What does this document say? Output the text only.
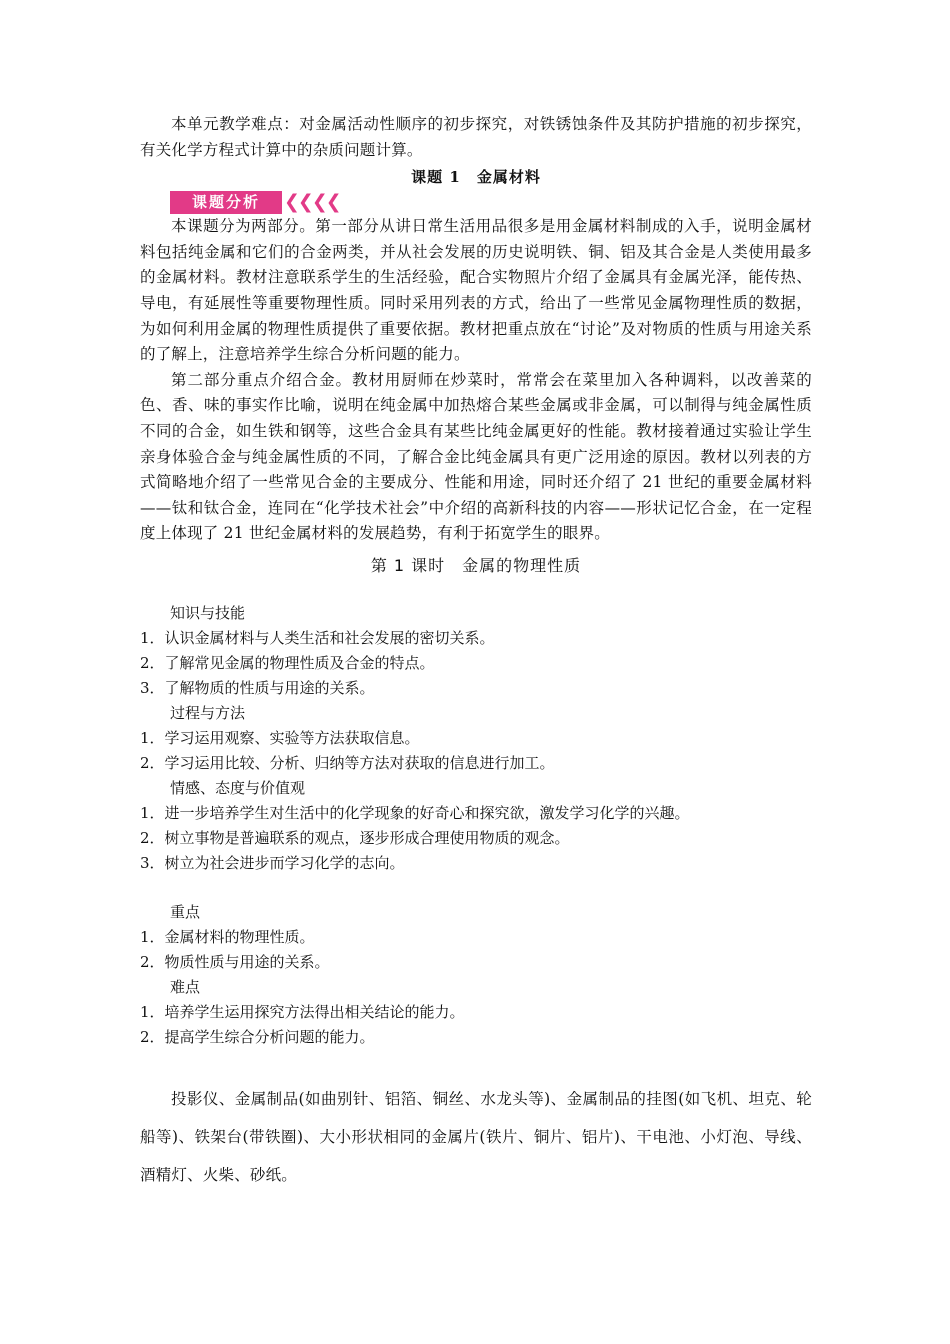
本单元教学难点：对金属活动性顺序的初步探究，对铁锈蚀条件及其防护措施的初步探究，有关化学方程式计算中的杂质问题计算。

课题 1　金属材料

课题分析	❮❮❮❮

本课题分为两部分。第一部分从讲日常生活用品很多是用金属材料制成的入手，说明金属材料包括纯金属和它们的合金两类，并从社会发展的历史说明铁、铜、铝及其合金是人类使用最多的金属材料。教材注意联系学生的生活经验，配合实物照片介绍了金属具有金属光泽，能传热、导电，有延展性等重要物理性质。同时采用列表的方式，给出了一些常见金属物理性质的数据，为如何利用金属的物理性质提供了重要依据。教材把重点放在“讨论”及对物质的性质与用途关系的了解上，注意培养学生综合分析问题的能力。

第二部分重点介绍合金。教材用厨师在炒菜时，常常会在菜里加入各种调料，以改善菜的色、香、味的事实作比喻，说明在纯金属中加热熔合某些金属或非金属，可以制得与纯金属性质不同的合金，如生铁和钢等，这些合金具有某些比纯金属更好的性能。教材接着通过实验让学生亲身体验合金与纯金属性质的不同，了解合金比纯金属具有更广泛用途的原因。教材以列表的方式简略地介绍了一些常见合金的主要成分、性能和用途，同时还介绍了 21 世纪的重要金属材料——钛和钛合金，连同在“化学技术社会”中介绍的高新科技的内容——形状记忆合金，在一定程度上体现了 21 世纪金属材料的发展趋势，有利于拓宽学生的眼界。

第 1 课时　金属的物理性质

知识与技能

1．认识金属材料与人类生活和社会发展的密切关系。

2．了解常见金属的物理性质及合金的特点。

3．了解物质的性质与用途的关系。

过程与方法

1．学习运用观察、实验等方法获取信息。

2．学习运用比较、分析、归纳等方法对获取的信息进行加工。

情感、态度与价值观

1．进一步培养学生对生活中的化学现象的好奇心和探究欲，激发学习化学的兴趣。

2．树立事物是普遍联系的观点，逐步形成合理使用物质的观念。

3．树立为社会进步而学习化学的志向。

重点

1．金属材料的物理性质。

2．物质性质与用途的关系。

难点

1．培养学生运用探究方法得出相关结论的能力。

2．提高学生综合分析问题的能力。

投影仪、金属制品(如曲别针、铝箔、铜丝、水龙头等)、金属制品的挂图(如飞机、坦克、轮船等)、铁架台(带铁圈)、大小形状相同的金属片(铁片、铜片、铝片)、干电池、小灯泡、导线、酒精灯、火柴、砂纸。
